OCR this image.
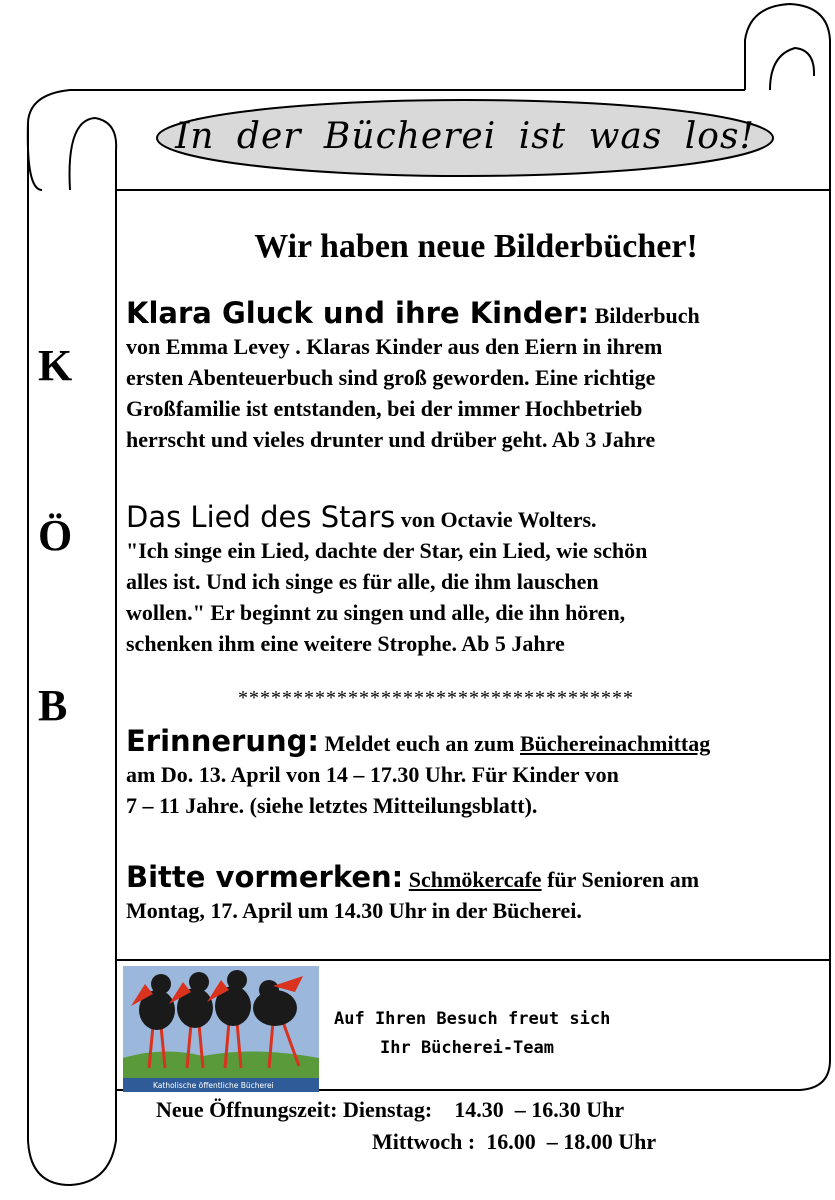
In der Bücherei ist was los!
K
Ö
B
Wir haben neue Bilderbücher!
Klara Gluck und ihre Kinder: Bilderbuch
von Emma Levey . Klaras Kinder aus den Eiern in ihrem
ersten Abenteuerbuch sind groß geworden. Eine richtige
Großfamilie ist entstanden, bei der immer Hochbetrieb
herrscht und vieles drunter und drüber geht. Ab 3 Jahre
Das Lied des Stars von Octavie Wolters.
"Ich singe ein Lied, dachte der Star, ein Lied, wie schön
alles ist. Und ich singe es für alle, die ihm lauschen
wollen." Er beginnt zu singen und alle, die ihn hören,
schenken ihm eine weitere Strophe. Ab 5 Jahre
************************************
Erinnerung: Meldet euch an zum Büchereinachmittag
am Do. 13. April von 14 – 17.30 Uhr. Für Kinder von
7 – 11 Jahre. (siehe letztes Mitteilungsblatt).
Bitte vormerken: Schmökercafe für Senioren am
Montag, 17. April um 14.30 Uhr in der Bücherei.
Katholische öffentliche Bücherei
Auf Ihren Besuch freut sich
Ihr Bücherei-Team
Neue Öffnungszeit: Dienstag: 14.30  – 16.30 Uhr
Mittwoch : 16.00  – 18.00 Uhr
